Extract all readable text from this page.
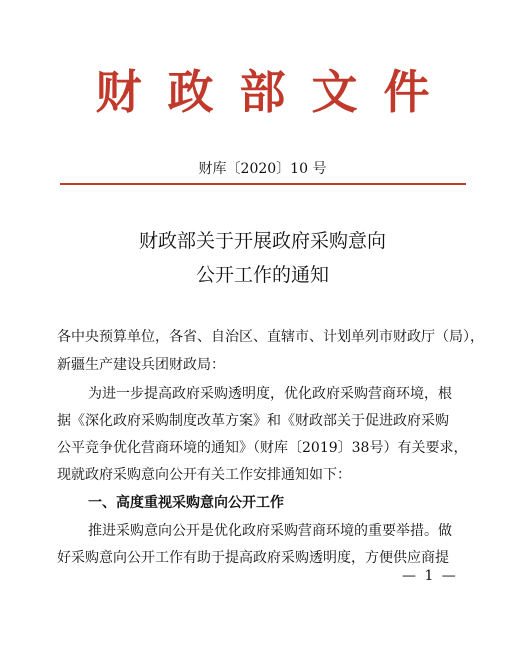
财政部文件
财库〔2020〕10 号
财政部关于开展政府采购意向
公开工作的通知
各中央预算单位，各省、自治区、直辖市、计划单列市财政厅（局），
新疆生产建设兵团财政局：
为进一步提高政府采购透明度，优化政府采购营商环境，根
据《深化政府采购制度改革方案》和《财政部关于促进政府采购
公平竞争优化营商环境的通知》（财库〔2019〕38号）有关要求，
现就政府采购意向公开有关工作安排通知如下：
一、高度重视采购意向公开工作
推进采购意向公开是优化政府采购营商环境的重要举措。做
好采购意向公开工作有助于提高政府采购透明度，方便供应商提
— 1 —
